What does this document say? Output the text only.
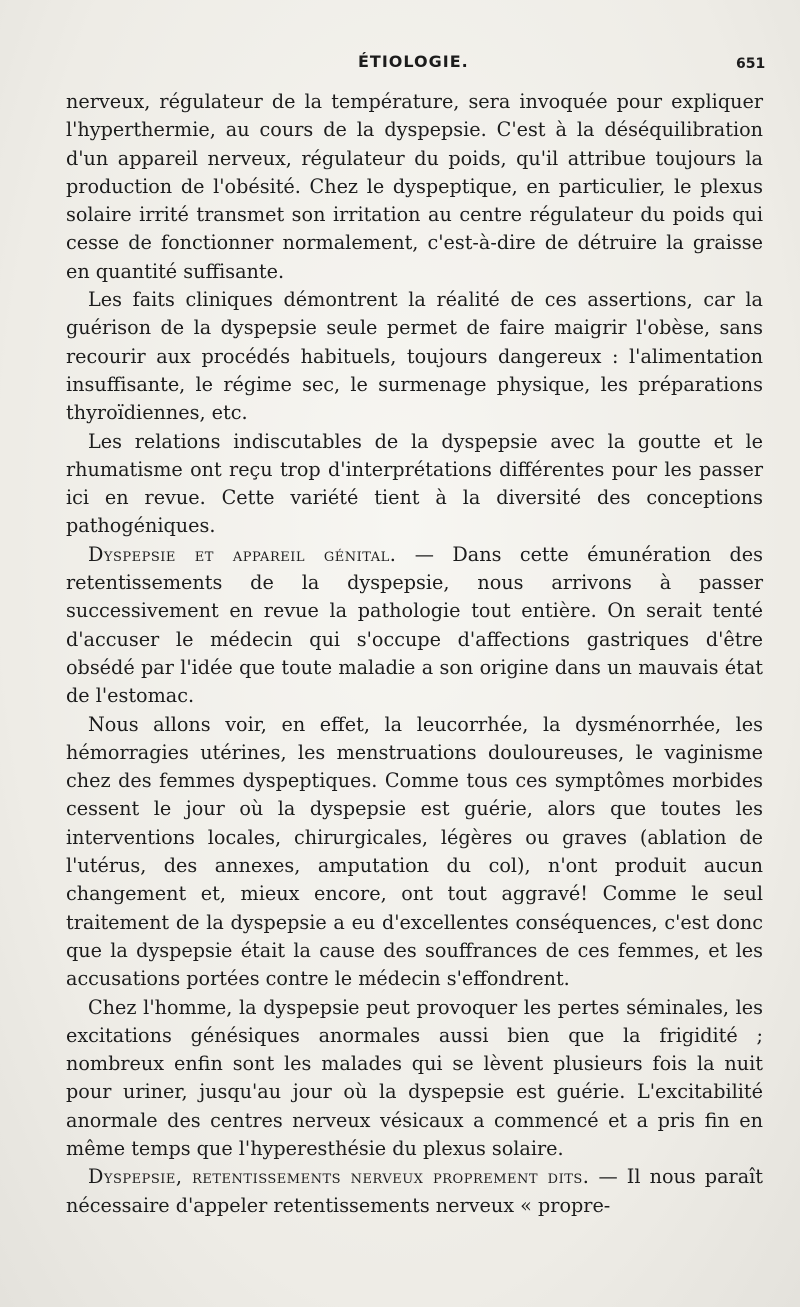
ÉTIOLOGIE.	651

nerveux, régulateur de la température, sera invoquée pour expliquer l'hyperthermie, au cours de la dyspepsie. C'est à la déséquilibration d'un appareil nerveux, régulateur du poids, qu'il attribue toujours la production de l'obésité. Chez le dyspeptique, en particulier, le plexus solaire irrité transmet son irritation au centre régulateur du poids qui cesse de fonctionner normalement, c'est-à-dire de détruire la graisse en quantité suffisante.

Les faits cliniques démontrent la réalité de ces assertions, car la guérison de la dyspepsie seule permet de faire maigrir l'obèse, sans recourir aux procédés habituels, toujours dangereux : l'alimentation insuffisante, le régime sec, le surmenage physique, les préparations thyroïdiennes, etc.

Les relations indiscutables de la dyspepsie avec la goutte et le rhumatisme ont reçu trop d'interprétations différentes pour les passer ici en revue. Cette variété tient à la diversité des conceptions pathogéniques.

Dyspepsie et appareil génital. — Dans cette émunération des retentissements de la dyspepsie, nous arrivons à passer successivement en revue la pathologie tout entière. On serait tenté d'accuser le médecin qui s'occupe d'affections gastriques d'être obsédé par l'idée que toute maladie a son origine dans un mauvais état de l'estomac.

Nous allons voir, en effet, la leucorrhée, la dysménorrhée, les hémorragies utérines, les menstruations douloureuses, le vaginisme chez des femmes dyspeptiques. Comme tous ces symptômes morbides cessent le jour où la dyspepsie est guérie, alors que toutes les interventions locales, chirurgicales, légères ou graves (ablation de l'utérus, des annexes, amputation du col), n'ont produit aucun changement et, mieux encore, ont tout aggravé! Comme le seul traitement de la dyspepsie a eu d'excellentes conséquences, c'est donc que la dyspepsie était la cause des souffrances de ces femmes, et les accusations portées contre le médecin s'effondrent.

Chez l'homme, la dyspepsie peut provoquer les pertes séminales, les excitations génésiques anormales aussi bien que la frigidité ; nombreux enfin sont les malades qui se lèvent plusieurs fois la nuit pour uriner, jusqu'au jour où la dyspepsie est guérie. L'excitabilité anormale des centres nerveux vésicaux a commencé et a pris fin en même temps que l'hyperesthésie du plexus solaire.

Dyspepsie, retentissements nerveux proprement dits. — Il nous paraît nécessaire d'appeler retentissements nerveux « propre-
